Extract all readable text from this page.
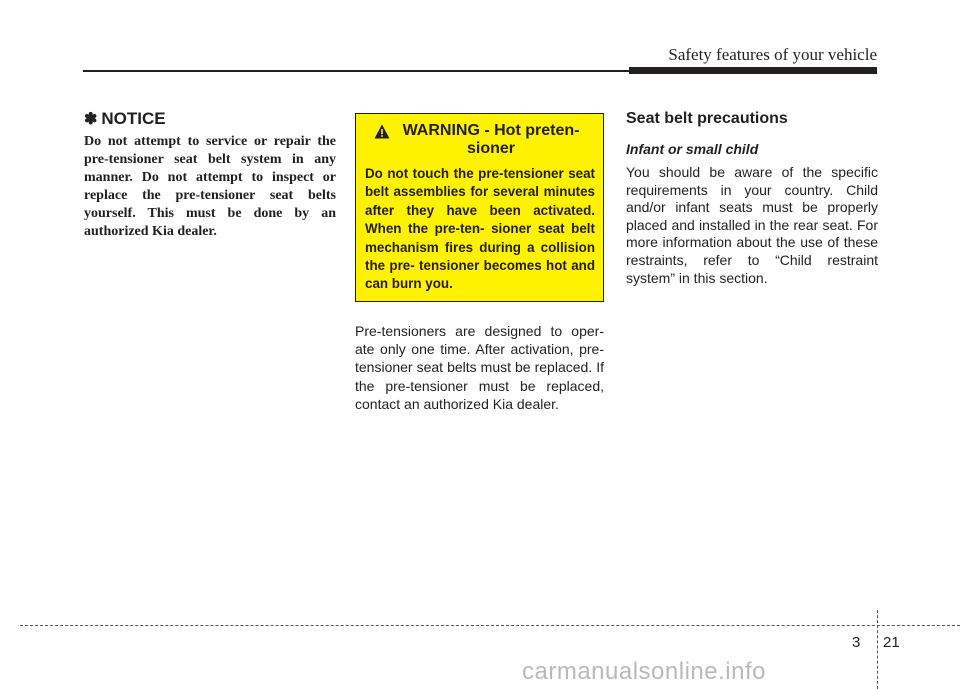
Safety features of your vehicle
✽ NOTICE
Do not attempt to service or repair the pre-tensioner seat belt system in any manner. Do not attempt to inspect or replace the pre-tensioner seat belts yourself. This must be done by an authorized Kia dealer.
WARNING - Hot preten- sioner
Do not touch the pre-tensioner seat belt assemblies for several minutes after they have been activated. When the pre-ten- sioner seat belt mechanism fires during a collision the pre- tensioner becomes hot and can burn you.
Pre-tensioners are designed to oper- ate only one time. After activation, pre-tensioner seat belts must be replaced. If the pre-tensioner must be replaced, contact an authorized Kia dealer.
Seat belt precautions
Infant or small child
You should be aware of the specific requirements in your country. Child and/or infant seats must be properly placed and installed in the rear seat. For more information about the use of these restraints, refer to “Child restraint system” in this section.
3 21
carmanualsonline.info
